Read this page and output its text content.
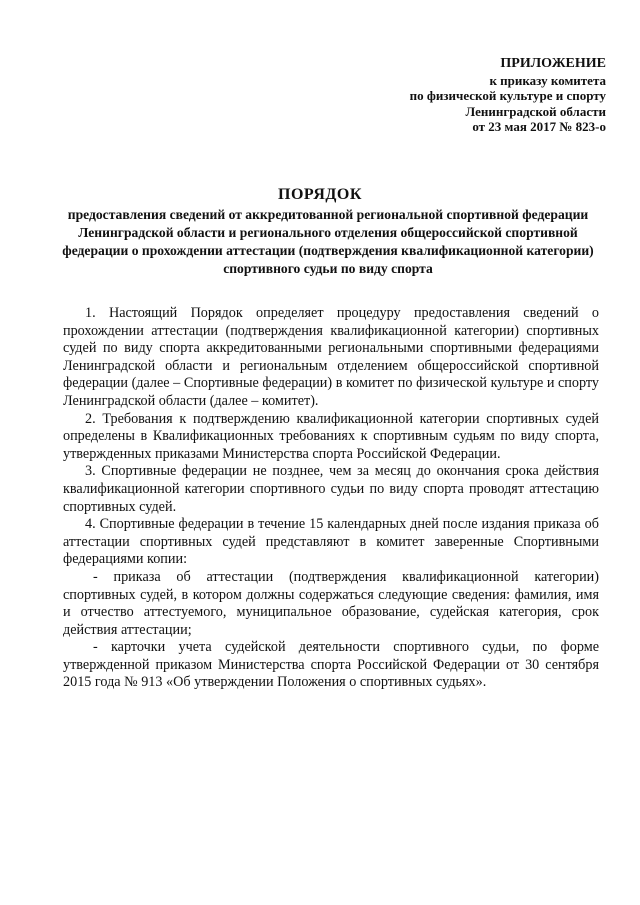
ПРИЛОЖЕНИЕ
к приказу комитета
по физической культуре и спорту
Ленинградской области
от 23 мая 2017 № 823-о
ПОРЯДОК
предоставления сведений от аккредитованной региональной спортивной федерации Ленинградской области и регионального отделения общероссийской спортивной федерации о прохождении аттестации (подтверждения квалификационной категории) спортивного судьи по виду спорта

1. Настоящий Порядок определяет процедуру предоставления сведений о прохождении аттестации (подтверждения квалификационной категории) спортивных судей по виду спорта аккредитованными региональными спортивными федерациями Ленинградской области и региональным отделением общероссийской спортивной федерации (далее – Спортивные федерации) в комитет по физической культуре и спорту Ленинградской области (далее – комитет).

2. Требования к подтверждению квалификационной категории спортивных судей определены в Квалификационных требованиях к спортивным судьям по виду спорта, утвержденных приказами Министерства спорта Российской Федерации.

3. Спортивные федерации не позднее, чем за месяц до окончания срока действия квалификационной категории спортивного судьи по виду спорта проводят аттестацию спортивных судей.

4. Спортивные федерации в течение 15 календарных дней после издания приказа об аттестации спортивных судей представляют в комитет заверенные Спортивными федерациями копии:

- приказа об аттестации (подтверждения квалификационной категории) спортивных судей, в котором должны содержаться следующие сведения: фамилия, имя и отчество аттестуемого, муниципальное образование, судейская категория, срок действия аттестации;

- карточки учета судейской деятельности спортивного судьи, по форме утвержденной приказом Министерства спорта Российской Федерации от 30 сентября 2015 года № 913 «Об утверждении Положения о спортивных судьях».
